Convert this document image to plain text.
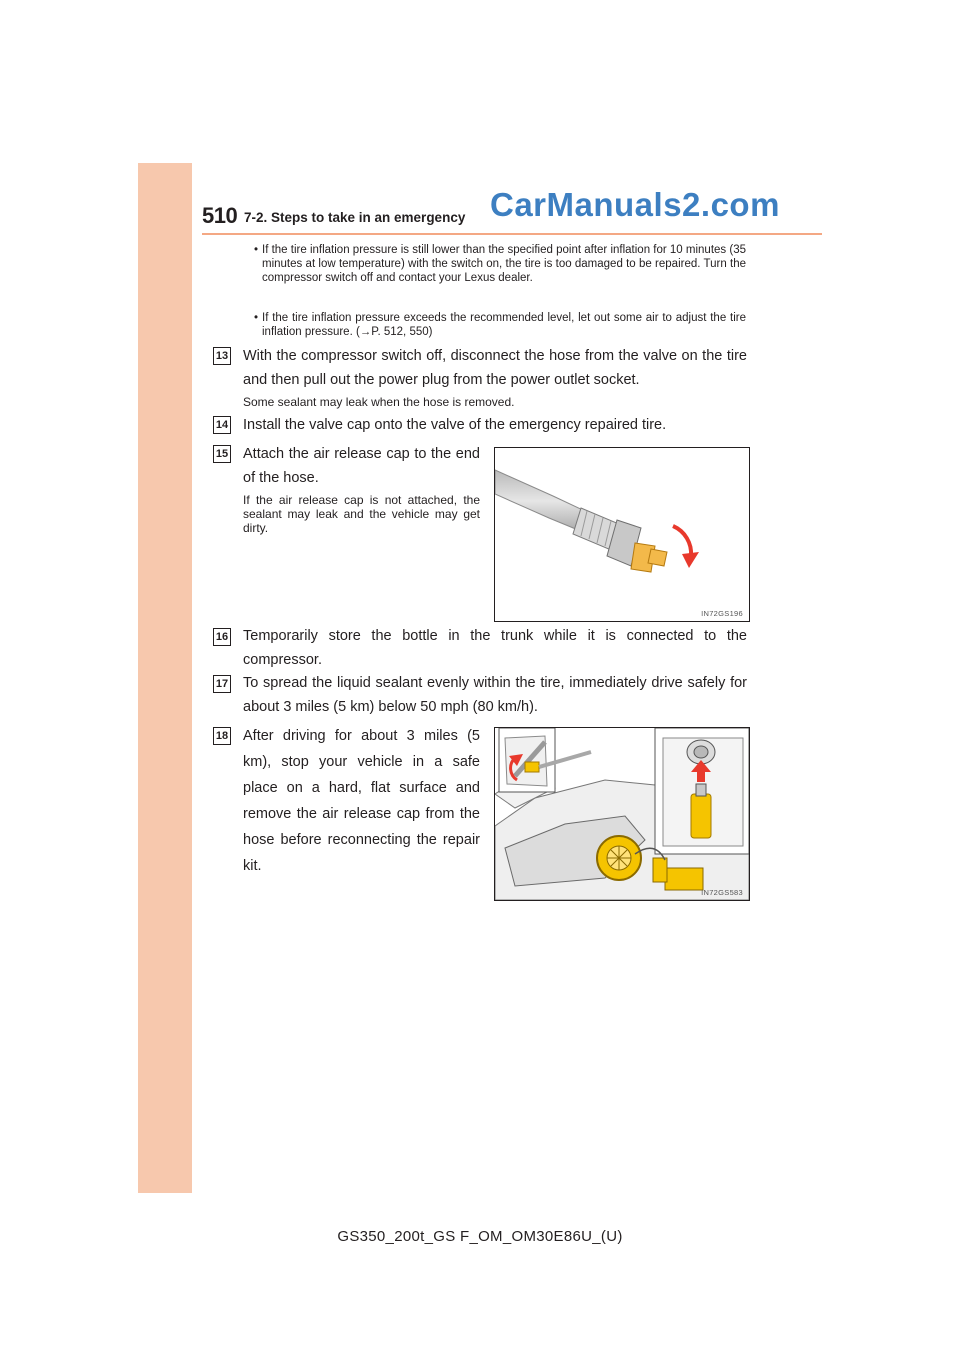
510 7-2. Steps to take in an emergency CarManuals2.com
• If the tire inflation pressure is still lower than the specified point after inflation for 10 minutes (35 minutes at low temperature) with the switch on, the tire is too damaged to be repaired. Turn the compressor switch off and contact your Lexus dealer.
• If the tire inflation pressure exceeds the recommended level, let out some air to adjust the tire inflation pressure. (→P. 512, 550)
13 With the compressor switch off, disconnect the hose from the valve on the tire and then pull out the power plug from the power outlet socket.
Some sealant may leak when the hose is removed.
14 Install the valve cap onto the valve of the emergency repaired tire.
15 Attach the air release cap to the end of the hose.
If the air release cap is not attached, the sealant may leak and the vehicle may get dirty.
IN72GS196
16 Temporarily store the bottle in the trunk while it is connected to the compressor.
17 To spread the liquid sealant evenly within the tire, immediately drive safely for about 3 miles (5 km) below 50 mph (80 km/h).
18 After driving for about 3 miles (5 km), stop your vehicle in a safe place on a hard, flat surface and remove the air release cap from the hose before reconnecting the repair kit.
IN72GS583
GS350_200t_GS F_OM_OM30E86U_(U)
